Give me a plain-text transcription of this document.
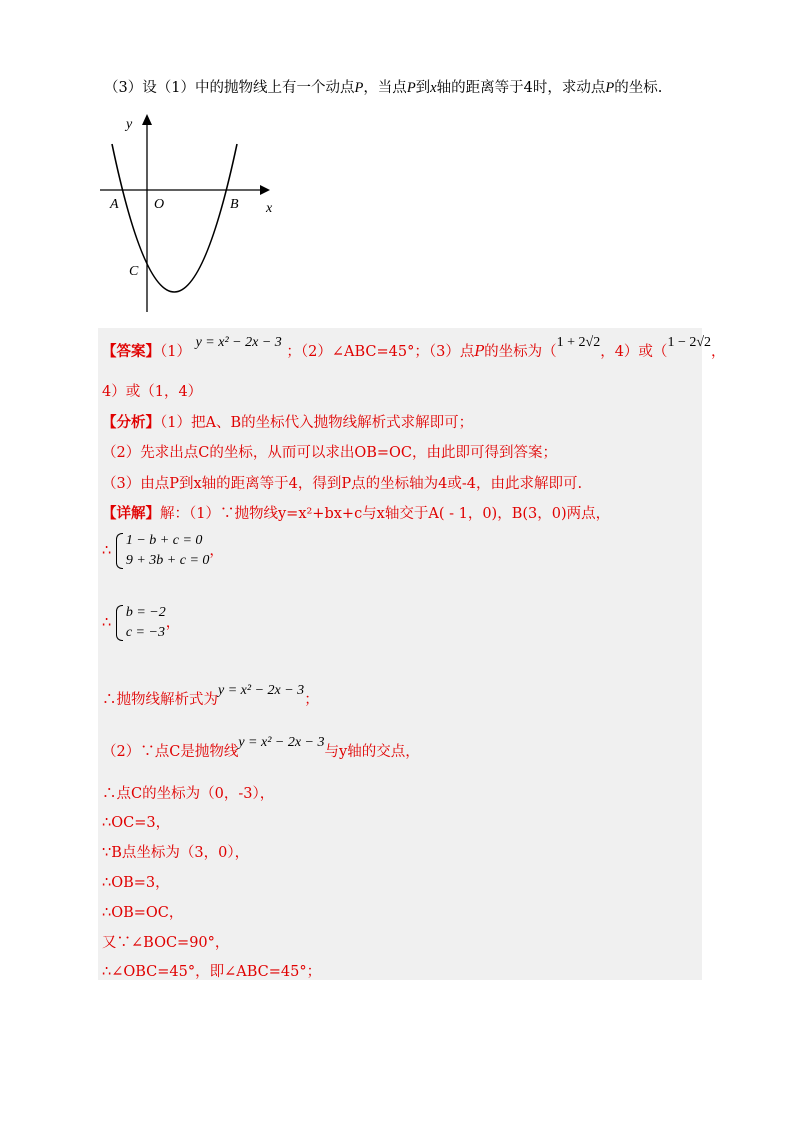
（3）设（1）中的抛物线上有一个动点P，当点P到x轴的距离等于4时，求动点P的坐标.
y
x
A	O	B
C
【答案】（1） y = x² − 2x − 3 ；（2）∠ABC=45°；（3）点P的坐标为（1 + 2√2，4）或（1 − 2√2，
4）或（1，4）
【分析】（1）把A、B的坐标代入抛物线解析式求解即可；
（2）先求出点C的坐标，从而可以求出OB=OC，由此即可得到答案；
（3）由点P到x轴的距离等于4，得到P点的坐标轴为4或-4，由此求解即可.
【详解】解：（1）∵抛物线y=x²+bx+c与x轴交于A( - 1，0)，B(3，0)两点，
∴
1 − b + c = 0
9 + 3b + c = 0
，
∴
b = −2
c = −3
，
∴抛物线解析式为y = x² − 2x − 3；
（2）∵点C是抛物线y = x² − 2x − 3与y轴的交点，
∴点C的坐标为（0，-3），
∴OC=3，
∵B点坐标为（3，0），
∴OB=3，
∴OB=OC，
又∵∠BOC=90°，
∴∠OBC=45°，即∠ABC=45°；
